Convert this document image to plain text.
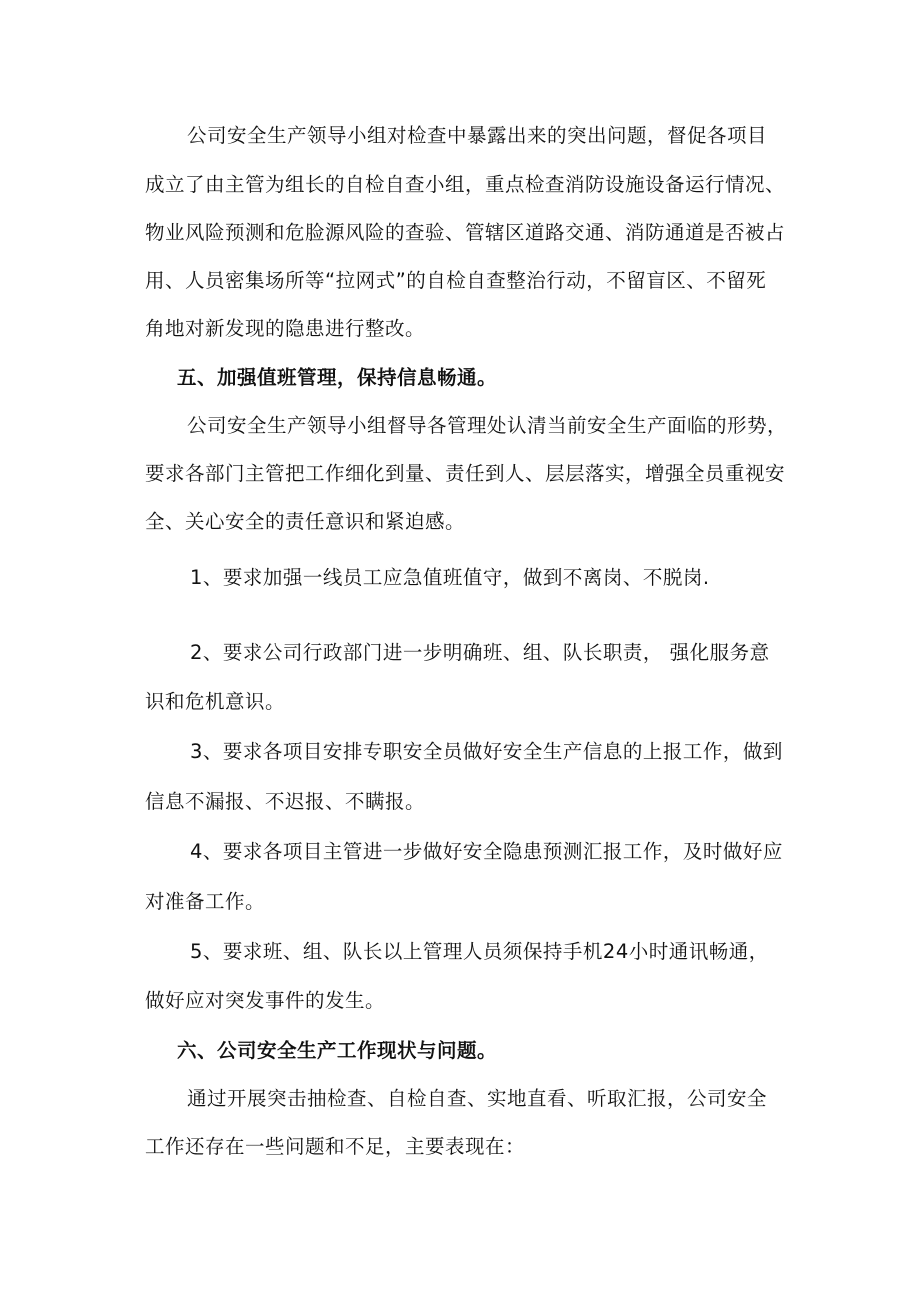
公司安全生产领导小组对检查中暴露出来的突出问题，督促各项目
成立了由主管为组长的自检自查小组，重点检查消防设施设备运行情况、
物业风险预测和危脸源风险的查验、管辖区道路交通、消防通道是否被占
用、人员密集场所等“拉网式”的自检自查整治行动，不留盲区、不留死
角地对新发现的隐患进行整改。
五、加强值班管理，保持信息畅通。
公司安全生产领导小组督导各管理处认清当前安全生产面临的形势，
要求各部门主管把工作细化到量、责任到人、层层落实，增强全员重视安
全、关心安全的责任意识和紧迫感。
1、要求加强一线员工应急值班值守，做到不离岗、不脱岗.
2、要求公司行政部门进一步明确班、组、队长职责， 强化服务意
识和危机意识。
3、要求各项目安排专职安全员做好安全生产信息的上报工作，做到
信息不漏报、不迟报、不瞒报。
4、要求各项目主管进一步做好安全隐患预测汇报工作，及时做好应
对准备工作。
5、要求班、组、队长以上管理人员须保持手机24小时通讯畅通，
做好应对突发事件的发生。
六、公司安全生产工作现状与问题。
通过开展突击抽检查、自检自查、实地直看、听取汇报，公司安全
工作还存在一些问题和不足，主要表现在：
